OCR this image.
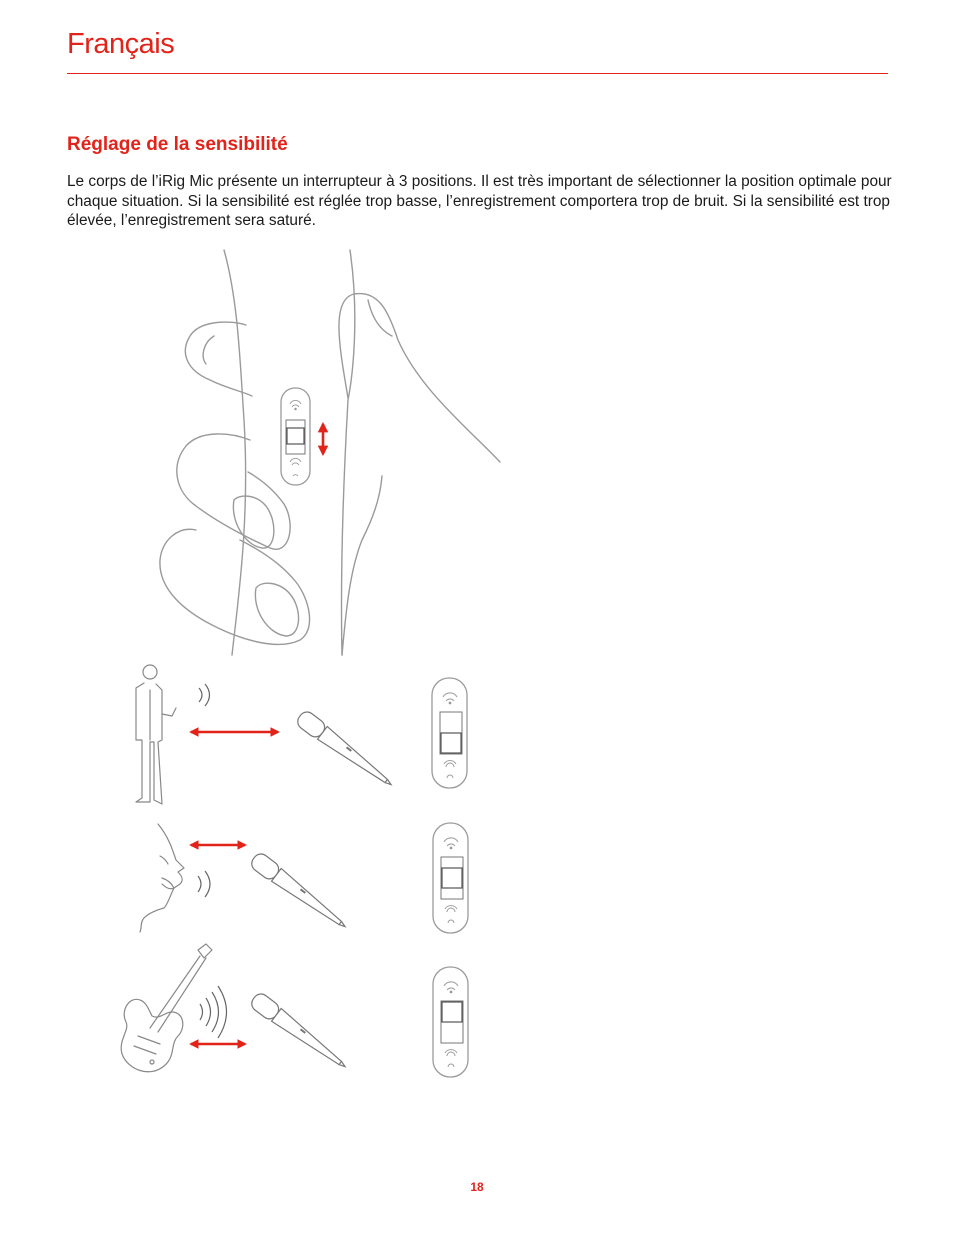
Français
Réglage de la sensibilité
Le corps de l’iRig Mic présente un interrupteur à 3 positions. Il est très important de sélectionner la position optimale pour chaque situation. Si la sensibilité est réglée trop basse, l’enregistrement comportera trop de bruit. Si la sensibilité est trop élevée, l’enregistrement sera saturé.
18
